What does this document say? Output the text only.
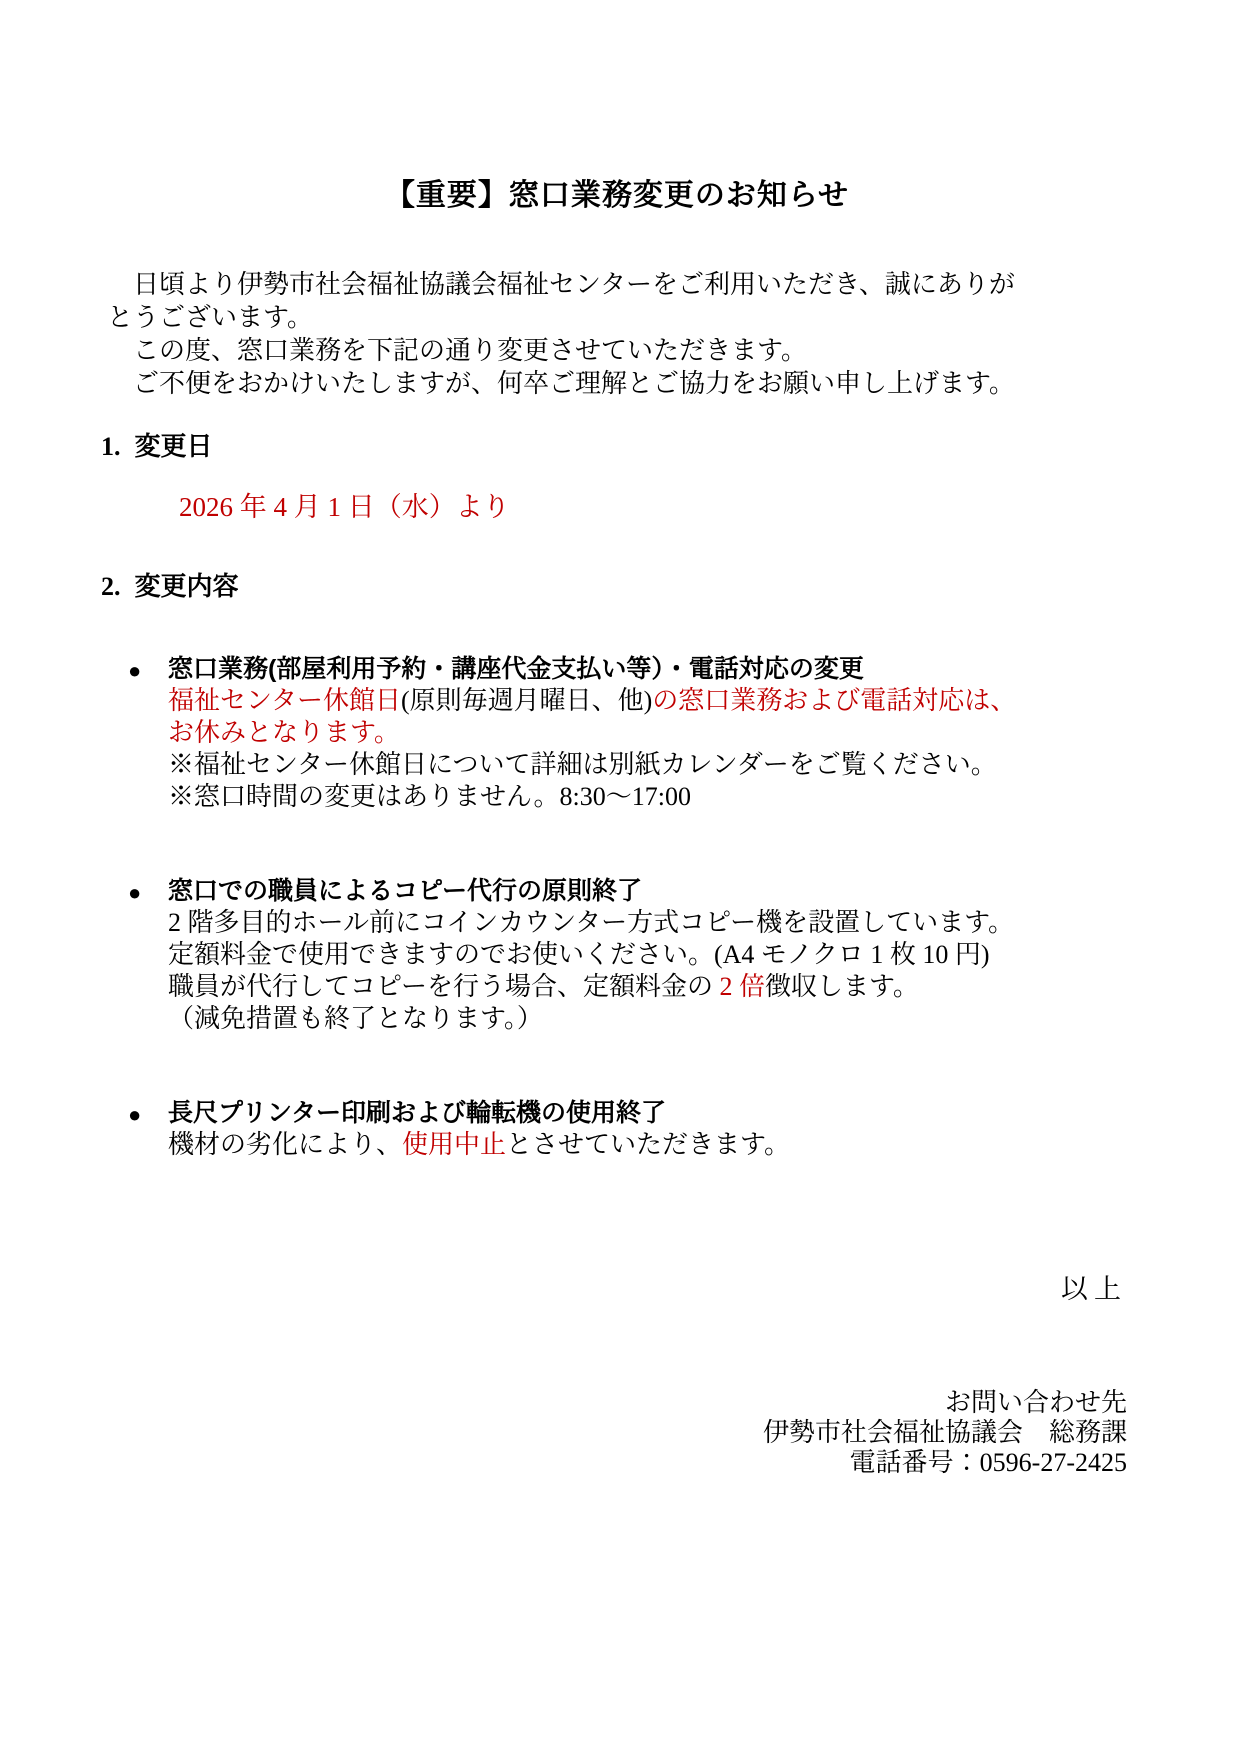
【重要】窓口業務変更のお知らせ
　日頃より伊勢市社会福祉協議会福祉センターをご利用いただき、誠にありが
とうございます。
　この度、窓口業務を下記の通り変更させていただきます。
　ご不便をおかけいたしますが、何卒ご理解とご協力をお願い申し上げます。
1. 変更日
2026 年 4 月 1 日（水）より
2. 変更内容
● 窓口業務(部屋利用予約・講座代金支払い等）・電話対応の変更
福祉センター休館日(原則毎週月曜日、他)の窓口業務および電話対応は、
お休みとなります。
※福祉センター休館日について詳細は別紙カレンダーをご覧ください。
※窓口時間の変更はありません。8:30～17:00
● 窓口での職員によるコピー代行の原則終了
2 階多目的ホール前にコインカウンター方式コピー機を設置しています。
定額料金で使用できますのでお使いください。(A4 モノクロ 1 枚 10 円)
職員が代行してコピーを行う場合、定額料金の 2 倍徴収します。
（減免措置も終了となります。）
● 長尺プリンター印刷および輪転機の使用終了
機材の劣化により、使用中止とさせていただきます。
以上
お問い合わせ先
伊勢市社会福祉協議会　総務課
電話番号：0596-27-2425
